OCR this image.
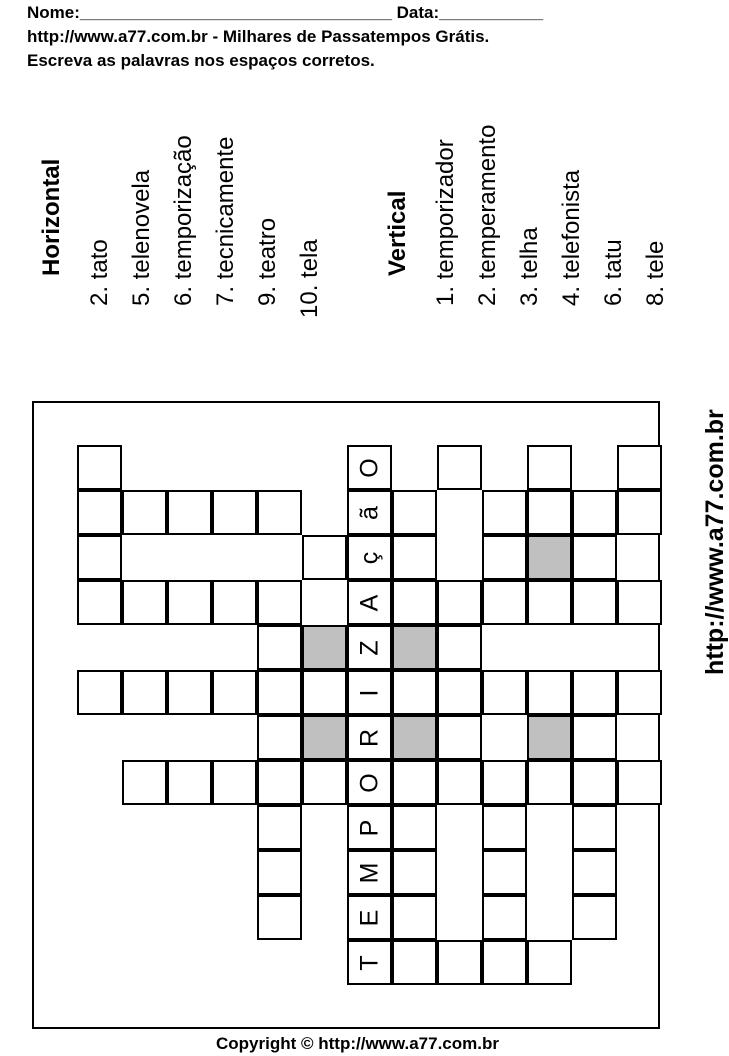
Nome:_________________________________ Data:___________
http://www.a77.com.br - Milhares de Passatempos Grátis.
Escreva as palavras nos espaços corretos.
Horizontal 2. tato 5. telenovela 6. temporização 7. tecnicamente 9. teatro 10. tela
Vertical 1. temporizador 2. temperamento 3. telha 4. telefonista 6. tatu 8. tele
O
ã
ç
A
Z
I
R
O
P
M
E
T
http://www.a77.com.br
Copyright © http://www.a77.com.br
